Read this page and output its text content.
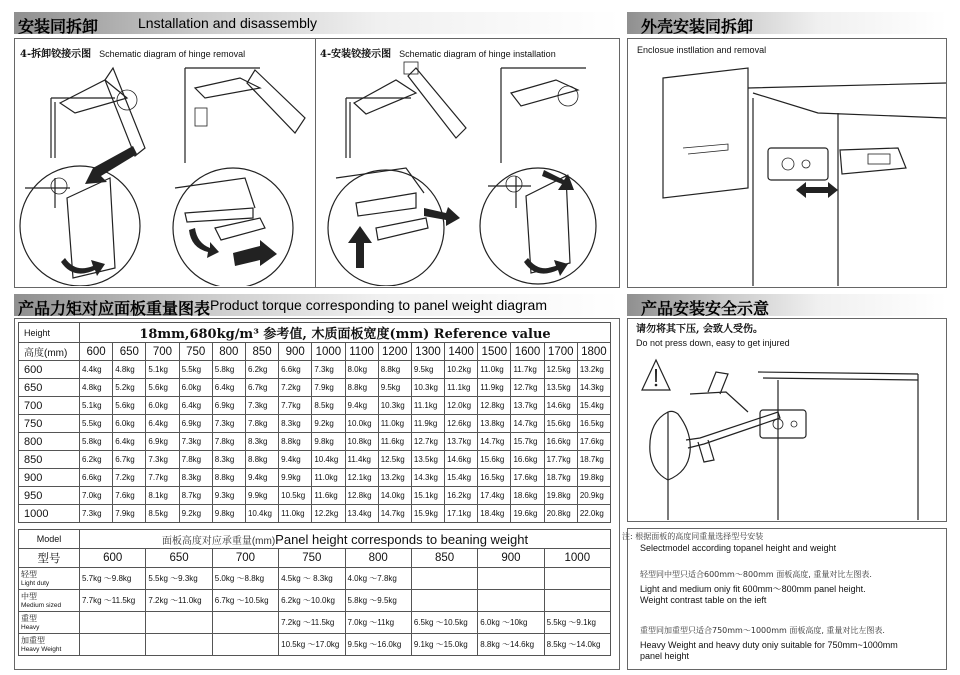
安装同拆卸	Lnstallation and disassembly	外壳安装同拆卸
产品力矩对应面板重量图表 Product torque corresponding to panel weight diagram	产品安装安全示意
4-拆卸铰接示图 Schematic diagram of hinge removal	4-安装铰接示图 Schematic diagram of hinge installation	Enclosue instllation and removal
Height	18mm,680kg/m³ 参考值, 木质面板宽度(mm) Reference value															
高度(mm)	600	650	700	750	800	850	900	1000	1100	1200	1300	1400	1500	1600	1700	1800
600	4.4kg	4.8kg	5.1kg	5.5kg	5.8kg	6.2kg	6.6kg	7.3kg	8.0kg	8.8kg	9.5kg	10.2kg	11.0kg	11.7kg	12.5kg	13.2kg
650	4.8kg	5.2kg	5.6kg	6.0kg	6.4kg	6.7kg	7.2kg	7.9kg	8.8kg	9.5kg	10.3kg	11.1kg	11.9kg	12.7kg	13.5kg	14.3kg
700	5.1kg	5.6kg	6.0kg	6.4kg	6.9kg	7.3kg	7.7kg	8.5kg	9.4kg	10.3kg	11.1kg	12.0kg	12.8kg	13.7kg	14.6kg	15.4kg
750	5.5kg	6.0kg	6.4kg	6.9kg	7.3kg	7.8kg	8.3kg	9.2kg	10.0kg	11.0kg	11.9kg	12.6kg	13.8kg	14.7kg	15.6kg	16.5kg
800	5.8kg	6.4kg	6.9kg	7.3kg	7.8kg	8.3kg	8.8kg	9.8kg	10.8kg	11.6kg	12.7kg	13.7kg	14.7kg	15.7kg	16.6kg	17.6kg
850	6.2kg	6.7kg	7.3kg	7.8kg	8.3kg	8.8kg	9.4kg	10.4kg	11.4kg	12.5kg	13.5kg	14.6kg	15.6kg	16.6kg	17.7kg	18.7kg
900	6.6kg	7.2kg	7.7kg	8.3kg	8.8kg	9.4kg	9.9kg	11.0kg	12.1kg	13.2kg	14.3kg	15.4kg	16.5kg	17.6kg	18.7kg	19.8kg
950	7.0kg	7.6kg	8.1kg	8.7kg	9.3kg	9.9kg	10.5kg	11.6kg	12.8kg	14.0kg	15.1kg	16.2kg	17.4kg	18.6kg	19.8kg	20.9kg
1000	7.3kg	7.9kg	8.5kg	9.2kg	9.8kg	10.4kg	11.0kg	12.2kg	13.4kg	14.7kg	15.9kg	17.1kg	18.4kg	19.6kg	20.8kg	22.0kg
Model	面板高度对应承重量(mm)Panel height corresponds to beaning weight							
型号	600	650	700	750	800	850	900	1000
轻型
Light duty	5.7kg ～9.8kg	5.5kg ～9.3kg	5.0kg ～8.8kg	4.5kg ～ 8.3kg	4.0kg ～7.8kg			
中型
Medium sized	7.7kg ～11.5kg	7.2kg ～11.0kg	6.7kg ～10.5kg	6.2kg ～10.0kg	5.8kg ～9.5kg			
重型
Heavy				7.2kg ～11.5kg	7.0kg ～11kg	6.5kg ～10.5kg	6.0kg ～10kg	5.5kg ～9.1kg
加重型
Heavy Weight				10.5kg ～17.0kg	9.5kg ～16.0kg	9.1kg ～15.0kg	8.8kg ～14.6kg	8.5kg ～14.0kg
请勿将其下压, 会致人受伤。
Do not press down, easy to get injured
注: 根据面板的高度同重量选择型号安装
Selectmodel according topanel height and weight
轻型同中型只适合600mm～800mm 面板高度, 重量对比左图表.
Light and medium oniy fit 600mm～800mm panel height.
Weight contrast table on the ieft
重型同加重型只适合750mm～1000mm 面板高度, 重量对比左图表.
Heavy Weight and heavy duty oniy suitable for 750mm~1000mm
panel height
